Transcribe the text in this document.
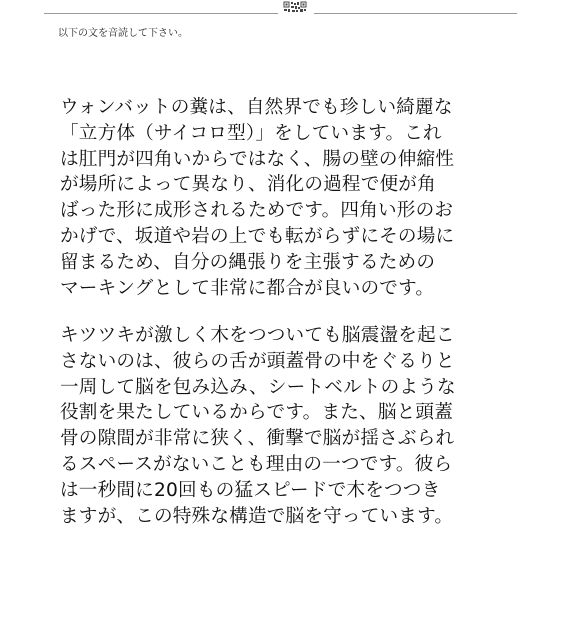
以下の文を音読して下さい。
ウォンバットの糞は、自然界でも珍しい綺麗な
「立方体（サイコロ型）」をしています。これ
は肛門が四角いからではなく、腸の壁の伸縮性
が場所によって異なり、消化の過程で便が角
ばった形に成形されるためです。四角い形のお
かげで、坂道や岩の上でも転がらずにその場に
留まるため、自分の縄張りを主張するための
マーキングとして非常に都合が良いのです。
キツツキが激しく木をつついても脳震盪を起こ
さないのは、彼らの舌が頭蓋骨の中をぐるりと
一周して脳を包み込み、シートベルトのような
役割を果たしているからです。また、脳と頭蓋
骨の隙間が非常に狭く、衝撃で脳が揺さぶられ
るスペースがないことも理由の一つです。彼ら
は一秒間に20回もの猛スピードで木をつつき
ますが、この特殊な構造で脳を守っています。
